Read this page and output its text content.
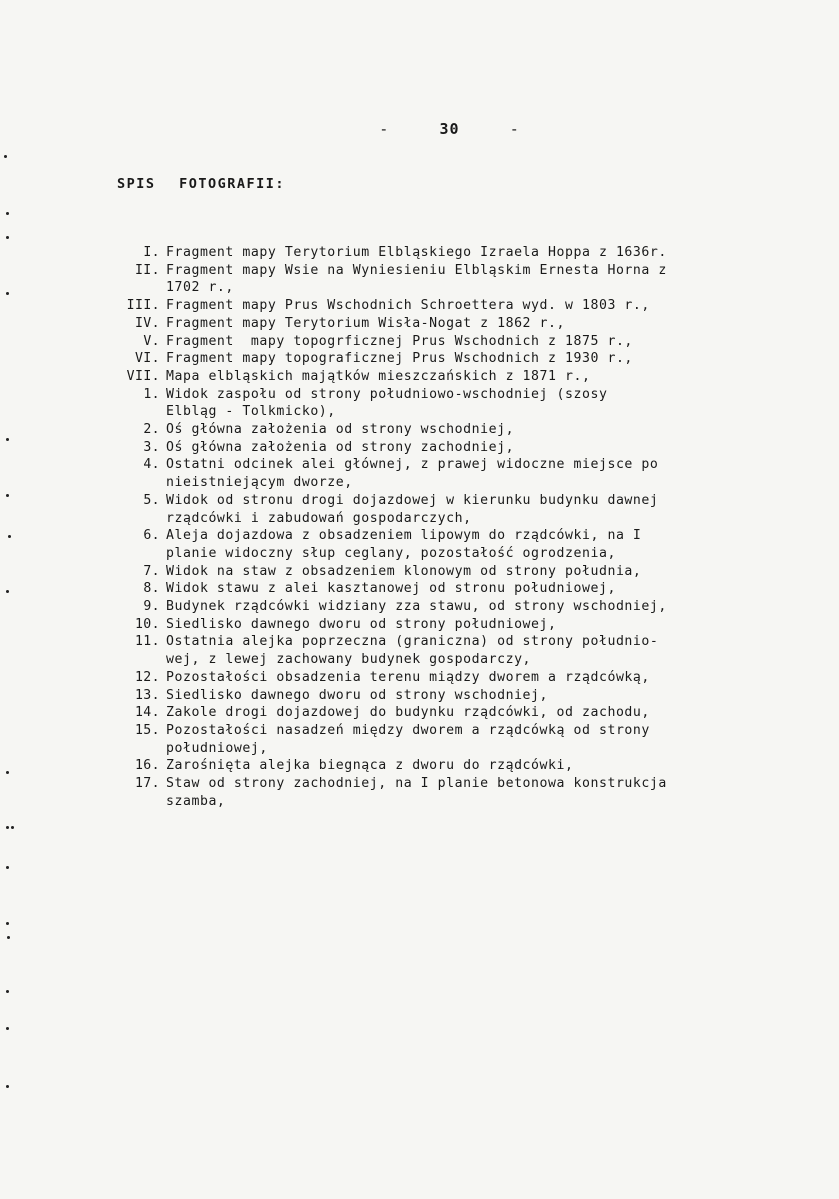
-	30	-
SPIS FOTOGRAFII:
I. Fragment mapy Terytorium Elbląskiego Izraela Hoppa z 1636r.
II. Fragment mapy Wsie na Wyniesieniu Elbląskim Ernesta Horna z
1702 r.,
III. Fragment mapy Prus Wschodnich Schroettera wyd. w 1803 r.,
IV. Fragment mapy Terytorium Wisła-Nogat z 1862 r.,
V. Fragment  mapy topogrficznej Prus Wschodnich z 1875 r.,
VI. Fragment mapy topograficznej Prus Wschodnich z 1930 r.,
VII. Mapa elbląskich majątków mieszczańskich z 1871 r.,
1. Widok zaspołu od strony południowo-wschodniej (szosy
Elbląg - Tolkmicko),
2. Oś główna założenia od strony wschodniej,
3. Oś główna założenia od strony zachodniej,
4. Ostatni odcinek alei głównej, z prawej widoczne miejsce po
nieistniejącym dworze,
5. Widok od stronu drogi dojazdowej w kierunku budynku dawnej
rządcówki i zabudowań gospodarczych,
6. Aleja dojazdowa z obsadzeniem lipowym do rządcówki, na I
planie widoczny słup ceglany, pozostałość ogrodzenia,
7. Widok na staw z obsadzeniem klonowym od strony południa,
8. Widok stawu z alei kasztanowej od stronu południowej,
9. Budynek rządcówki widziany zza stawu, od strony wschodniej,
10. Siedlisko dawnego dworu od strony południowej,
11. Ostatnia alejka poprzeczna (graniczna) od strony południo-
wej, z lewej zachowany budynek gospodarczy,
12. Pozostałości obsadzenia terenu miądzy dworem a rządcówką,
13. Siedlisko dawnego dworu od strony wschodniej,
14. Zakole drogi dojazdowej do budynku rządcówki, od zachodu,
15. Pozostałości nasadzeń między dworem a rządcówką od strony
południowej,
16. Zarośnięta alejka biegnąca z dworu do rządcówki,
17. Staw od strony zachodniej, na I planie betonowa konstrukcja
szamba,
